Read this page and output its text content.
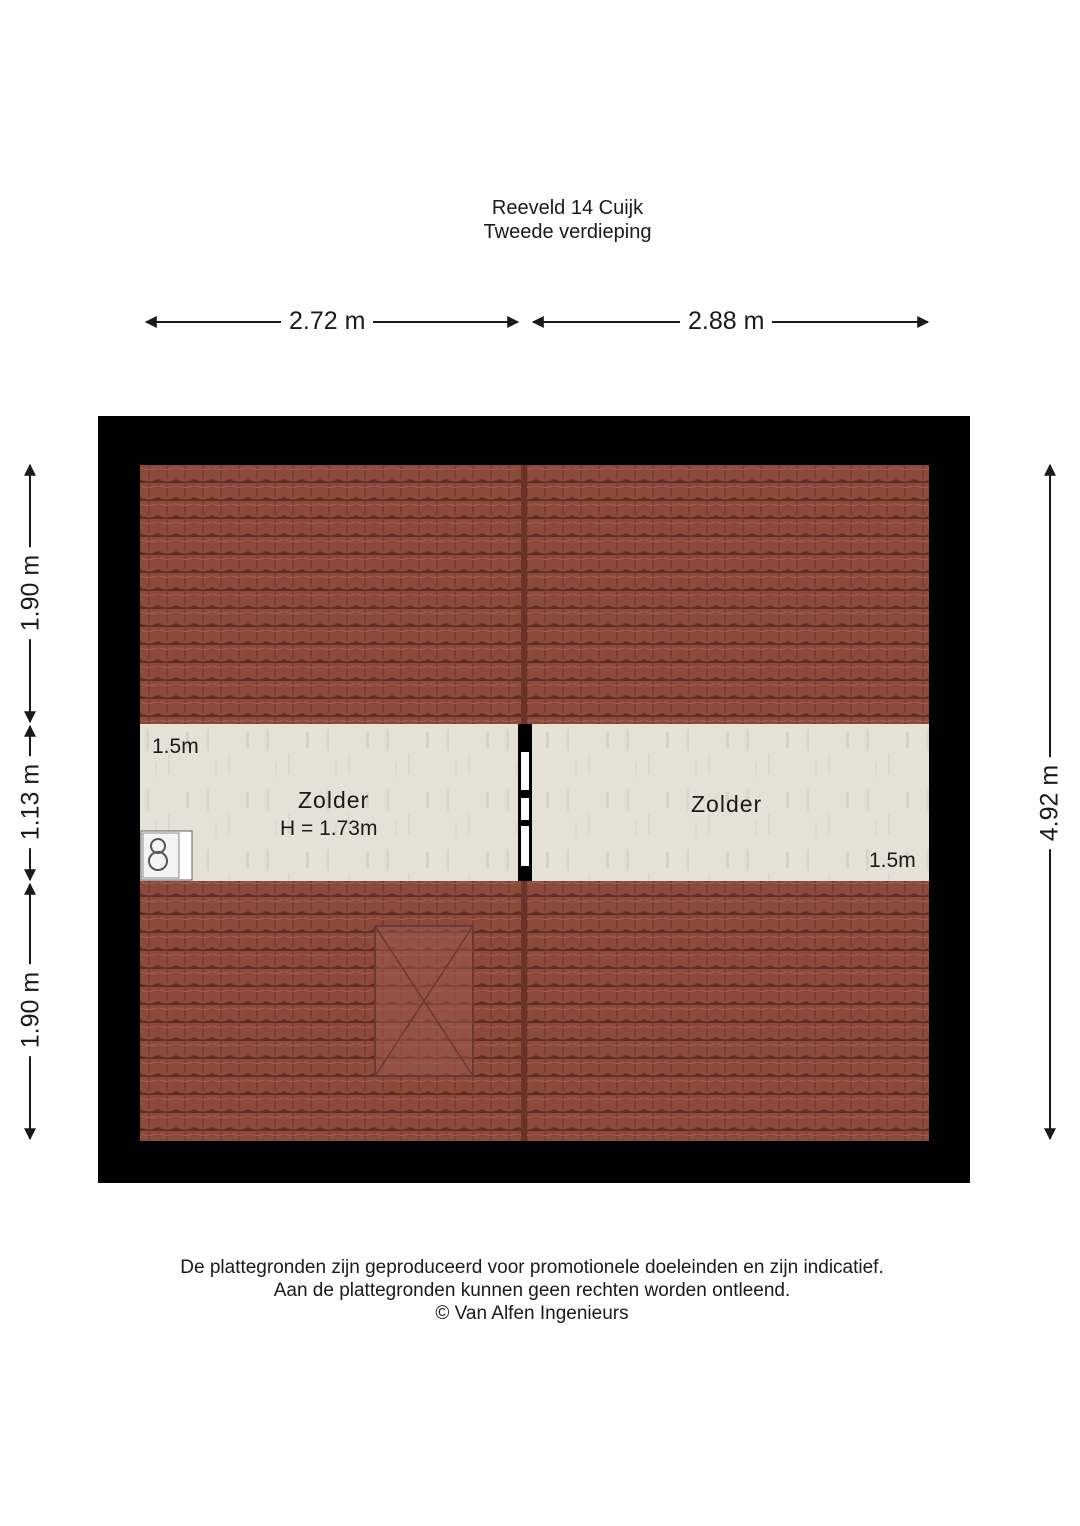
Reeveld 14 Cuijk
Tweede verdieping
2.72 m	2.88 m
1.90 m
1.13 m
1.90 m
4.92 m
Zolder
H = 1.73m
1.5m
Zolder
1.5m
De plattegronden zijn geproduceerd voor promotionele doeleinden en zijn indicatief.
Aan de plattegronden kunnen geen rechten worden ontleend.
© Van Alfen Ingenieurs
